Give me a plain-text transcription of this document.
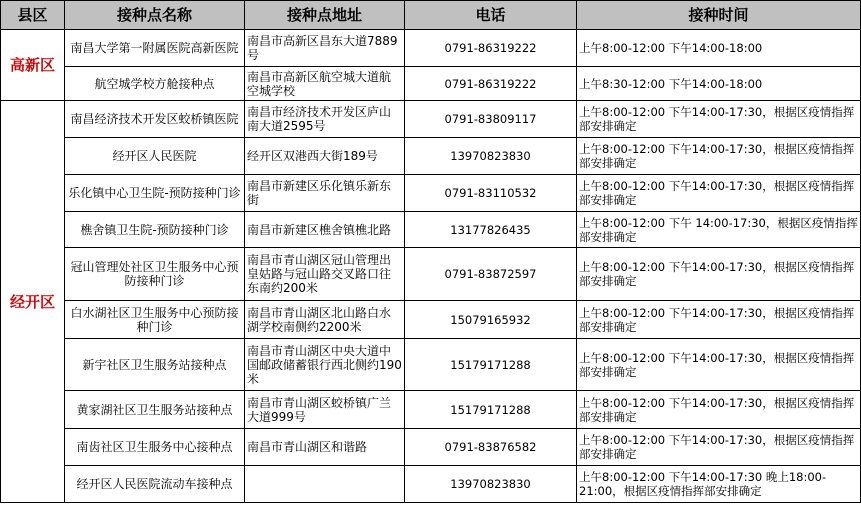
县区	接种点名称	接种点地址	电话	接种时间
高新区	南昌大学第一附属医院高新医院	南昌市高新区昌东大道7889号	0791-86319222	上午8:00-12:00 下午14:00-18:00
	航空城学校方舱接种点	南昌市高新区航空城大道航空城学校	0791-86319222	上午8:30-12:00 下午14:00-18:00
经开区	南昌经济技术开发区蛟桥镇医院	南昌市经济技术开发区庐山南大道2595号	0791-83809117	上午8:00-12:00 下午14:00-17:30，根据区疫情指挥部安排确定
	经开区人民医院	经开区双港西大街189号	13970823830	上午8:00-12:00 下午14:00-17:30，根据区疫情指挥部安排确定
	乐化镇中心卫生院-预防接种门诊	南昌市新建区乐化镇乐新东街	0791-83110532	上午8:00-12:00 下午14:00-17:30，根据区疫情指挥部安排确定
	樵舍镇卫生院-预防接种门诊	南昌市新建区樵舍镇樵北路	13177826435	上午8:00-12:00 下午 14:00-17:30，根据区疫情指挥部安排确定
	冠山管理处社区卫生服务中心预防接种门诊	南昌市青山湖区冠山管理出皇姑路与冠山路交叉路口往东南约200米	0791-83872597	上午8:00-12:00 下午14:00-17:30，根据区疫情指挥部安排确定
	白水湖社区卫生服务中心预防接种门诊	南昌市青山湖区北山路白水湖学校南侧约2200米	15079165932	上午8:00-12:00 下午14:00-17:30，根据区疫情指挥部安排确定
	新宇社区卫生服务站接种点	南昌市青山湖区中央大道中国邮政储蓄银行西北侧约190米	15179171288	上午8:00-12:00 下午14:00-17:30，根据区疫情指挥部安排确定
	黄家湖社区卫生服务站接种点	南昌市青山湖区蛟桥镇广兰大道999号	15179171288	上午8:00-12:00 下午14:00-17:30，根据区疫情指挥部安排确定
	南齿社区卫生服务中心接种点	南昌市青山湖区和谐路	0791-83876582	上午8:00-12:00 下午14:00-17:30，根据区疫情指挥部安排确定
	经开区人民医院流动车接种点		13970823830	上午8:00-12:00 下午14:00-17:30 晚上18:00-21:00，根据区疫情指挥部安排确定
